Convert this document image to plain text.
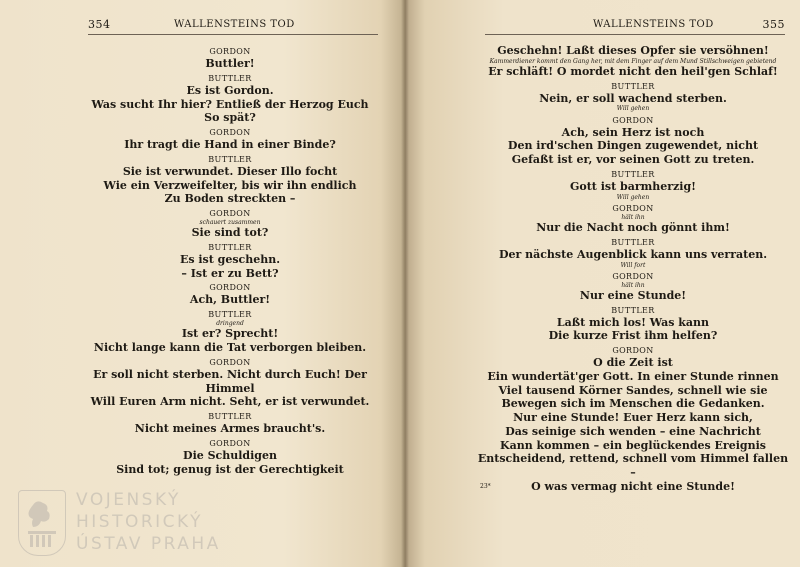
354	WALLENSTEINS TOD
GORDON
Buttler!
BUTTLER
Es ist Gordon.
Was sucht Ihr hier? Entließ der Herzog Euch
So spät?
GORDON
Ihr tragt die Hand in einer Binde?
BUTTLER
Sie ist verwundet. Dieser Illo focht
Wie ein Verzweifelter, bis wir ihn endlich
Zu Boden streckten –
GORDON
schauert zusammen
Sie sind tot?
BUTTLER
Es ist geschehn.
– Ist er zu Bett?
GORDON
Ach, Buttler!
BUTTLER
dringend
Ist er? Sprecht!
Nicht lange kann die Tat verborgen bleiben.
GORDON
Er soll nicht sterben. Nicht durch Euch! Der Himmel
Will Euren Arm nicht. Seht, er ist verwundet.
BUTTLER
Nicht meines Armes braucht's.
GORDON
Die Schuldigen
Sind tot; genug ist der Gerechtigkeit
WALLENSTEINS TOD	355
Geschehn! Laßt dieses Opfer sie versöhnen!
Kammerdiener kommt den Gang her, mit dem Finger auf dem Mund Stillschweigen gebietend
Er schläft! O mordet nicht den heil'gen Schlaf!
BUTTLER
Nein, er soll wachend sterben.
Will gehen
GORDON
Ach, sein Herz ist noch
Den ird'schen Dingen zugewendet, nicht
Gefaßt ist er, vor seinen Gott zu treten.
BUTTLER
Gott ist barmherzig!
Will gehen
GORDON
hält ihn
Nur die Nacht noch gönnt ihm!
BUTTLER
Der nächste Augenblick kann uns verraten.
Will fort
GORDON
hält ihn
Nur eine Stunde!
BUTTLER
Laßt mich los! Was kann
Die kurze Frist ihm helfen?
GORDON
O die Zeit ist
Ein wundertät'ger Gott. In einer Stunde rinnen
Viel tausend Körner Sandes, schnell wie sie
Bewegen sich im Menschen die Gedanken.
Nur eine Stunde! Euer Herz kann sich,
Das seinige sich wenden – eine Nachricht
Kann kommen – ein beglückendes Ereignis
Entscheidend, rettend, schnell vom Himmel fallen –
O was vermag nicht eine Stunde!
23*
VOJENSKÝ
HISTORICKÝ
ÚSTAV PRAHA
